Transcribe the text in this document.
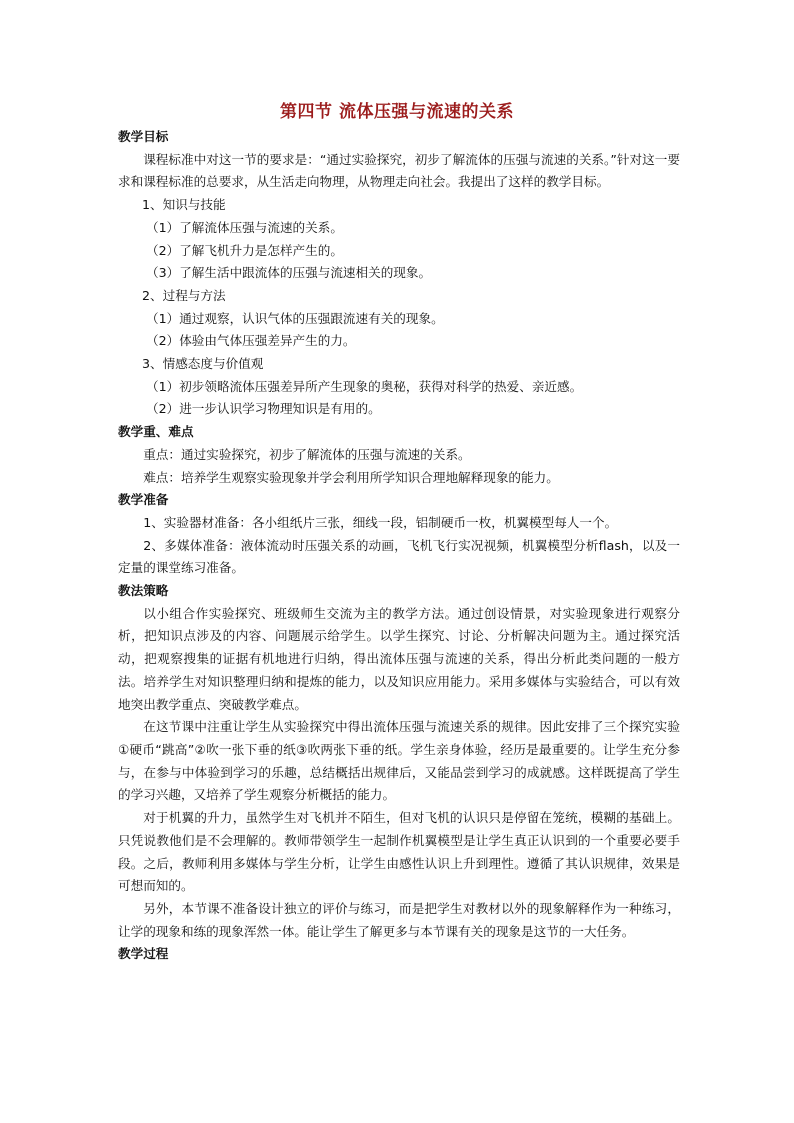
第四节 流体压强与流速的关系

教学目标

课程标准中对这一节的要求是：“通过实验探究，初步了解流体的压强与流速的关系。”针对这一要求和课程标准的总要求，从生活走向物理，从物理走向社会。我提出了这样的教学目标。

1、知识与技能

（1）了解流体压强与流速的关系。

（2）了解飞机升力是怎样产生的。

（3）了解生活中跟流体的压强与流速相关的现象。

2、过程与方法

（1）通过观察，认识气体的压强跟流速有关的现象。

（2）体验由气体压强差异产生的力。

3、情感态度与价值观

（1）初步领略流体压强差异所产生现象的奥秘，获得对科学的热爱、亲近感。

（2）进一步认识学习物理知识是有用的。

教学重、难点

重点：通过实验探究，初步了解流体的压强与流速的关系。

难点：培养学生观察实验现象并学会利用所学知识合理地解释现象的能力。

教学准备

1、实验器材准备：各小组纸片三张，细线一段，铝制硬币一枚，机翼模型每人一个。

2、多媒体准备：液体流动时压强关系的动画，飞机飞行实况视频，机翼模型分析flash，以及一定量的课堂练习准备。

教法策略

以小组合作实验探究、班级师生交流为主的教学方法。通过创设情景，对实验现象进行观察分析，把知识点涉及的内容、问题展示给学生。以学生探究、讨论、分析解决问题为主。通过探究活动，把观察搜集的证据有机地进行归纳，得出流体压强与流速的关系，得出分析此类问题的一般方法。培养学生对知识整理归纳和提炼的能力，以及知识应用能力。采用多媒体与实验结合，可以有效地突出教学重点、突破教学难点。

在这节课中注重让学生从实验探究中得出流体压强与流速关系的规律。因此安排了三个探究实验①硬币“跳高”②吹一张下垂的纸③吹两张下垂的纸。学生亲身体验，经历是最重要的。让学生充分参与，在参与中体验到学习的乐趣，总结概括出规律后，又能品尝到学习的成就感。这样既提高了学生的学习兴趣，又培养了学生观察分析概括的能力。

对于机翼的升力，虽然学生对飞机并不陌生，但对飞机的认识只是停留在笼统，模糊的基础上。只凭说教他们是不会理解的。教师带领学生一起制作机翼模型是让学生真正认识到的一个重要必要手段。之后，教师利用多媒体与学生分析，让学生由感性认识上升到理性。遵循了其认识规律，效果是可想而知的。

另外，本节课不准备设计独立的评价与练习，而是把学生对教材以外的现象解释作为一种练习，让学的现象和练的现象浑然一体。能让学生了解更多与本节课有关的现象是这节的一大任务。

教学过程
